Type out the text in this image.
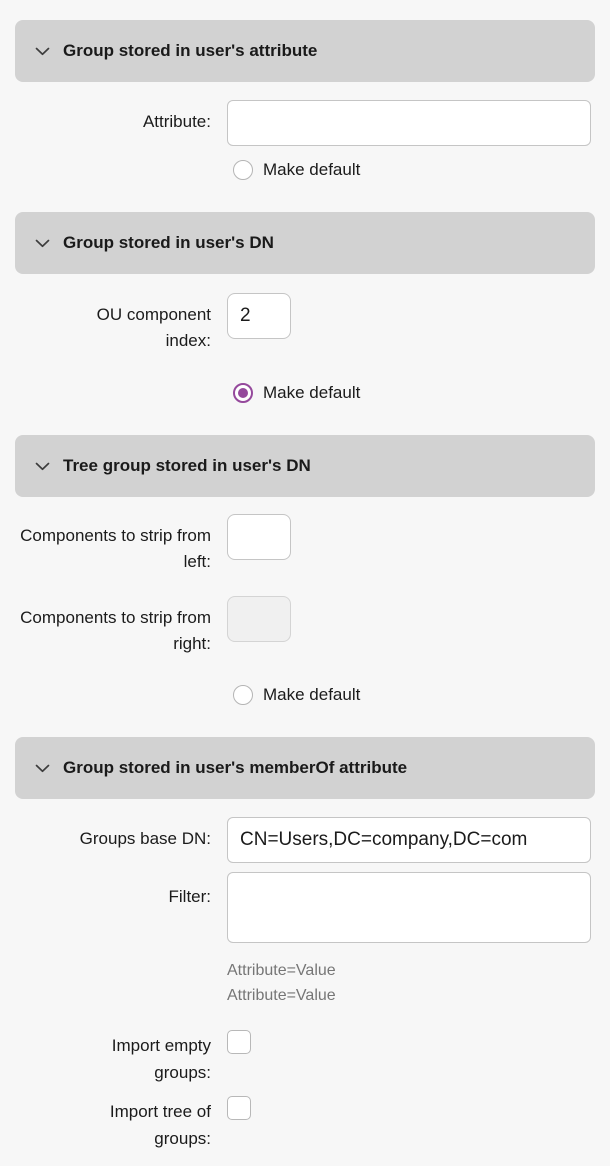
Group stored in user's attribute
Attribute:
Make default
Group stored in user's DN
OU component index:
2
Make default
Tree group stored in user's DN
Components to strip from left:
Components to strip from right:
Make default
Group stored in user's memberOf attribute
Groups base DN:
CN=Users,DC=company,DC=com
Filter:
Attribute=Value
Attribute=Value
Import empty groups:
Import tree of groups:
